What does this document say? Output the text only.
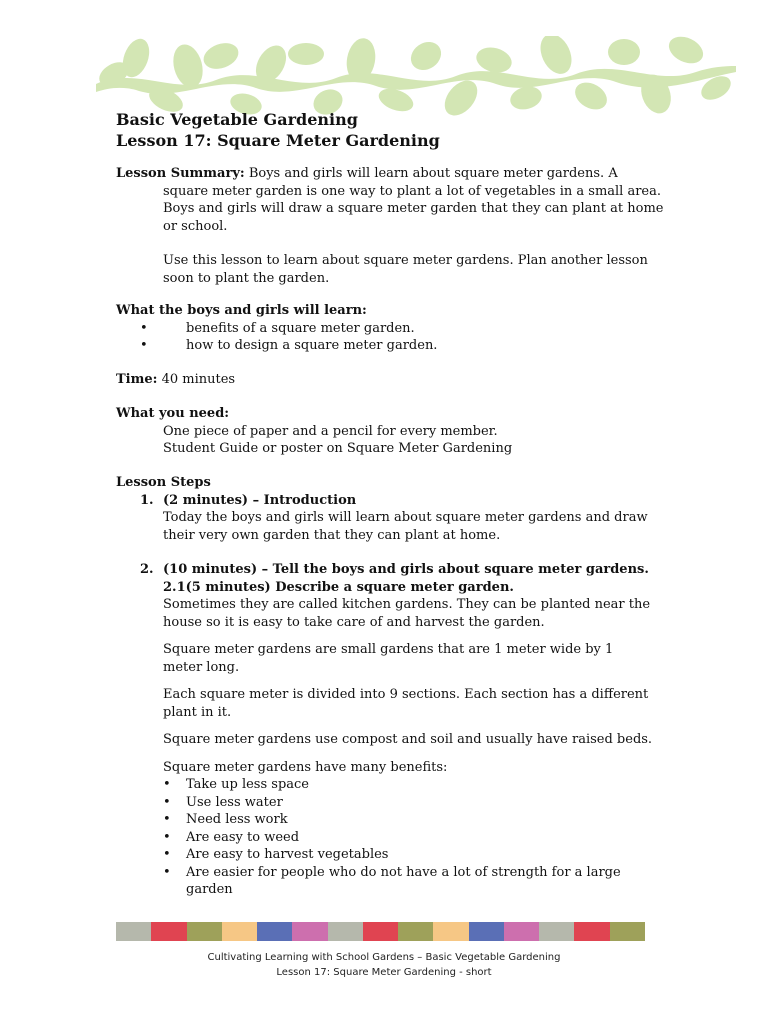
Basic Vegetable Gardening
Lesson 17: Square Meter Gardening
Lesson Summary: Boys and girls will learn about square meter gardens. A
square meter garden is one way to plant a lot of vegetables in a small area. Boys and girls will draw a square meter garden that they can plant at home or school.
Use this lesson to learn about square meter gardens. Plan another lesson soon to plant the garden.
What the boys and girls will learn:
• benefits of a square meter garden.
• how to design a square meter garden.
Time: 40 minutes
What you need:
One piece of paper and a pencil for every member.
Student Guide or poster on Square Meter Gardening
Lesson Steps
1. (2 minutes) – Introduction
Today the boys and girls will learn about square meter gardens and draw their very own garden that they can plant at home.
2. (10 minutes) – Tell the boys and girls about square meter gardens.
2.1(5 minutes) Describe a square meter garden.
Sometimes they are called kitchen gardens. They can be planted near the house so it is easy to take care of and harvest the garden.
Square meter gardens are small gardens that are 1 meter wide by 1 meter long.
Each square meter is divided into 9 sections. Each section has a different plant in it.
Square meter gardens use compost and soil and usually have raised beds.
Square meter gardens have many benefits:
• Take up less space
• Use less water
• Need less work
• Are easy to weed
• Are easy to harvest vegetables
• Are easier for people who do not have a lot of strength for a large garden
Cultivating Learning with School Gardens – Basic Vegetable Gardening
Lesson 17: Square Meter Gardening - short
